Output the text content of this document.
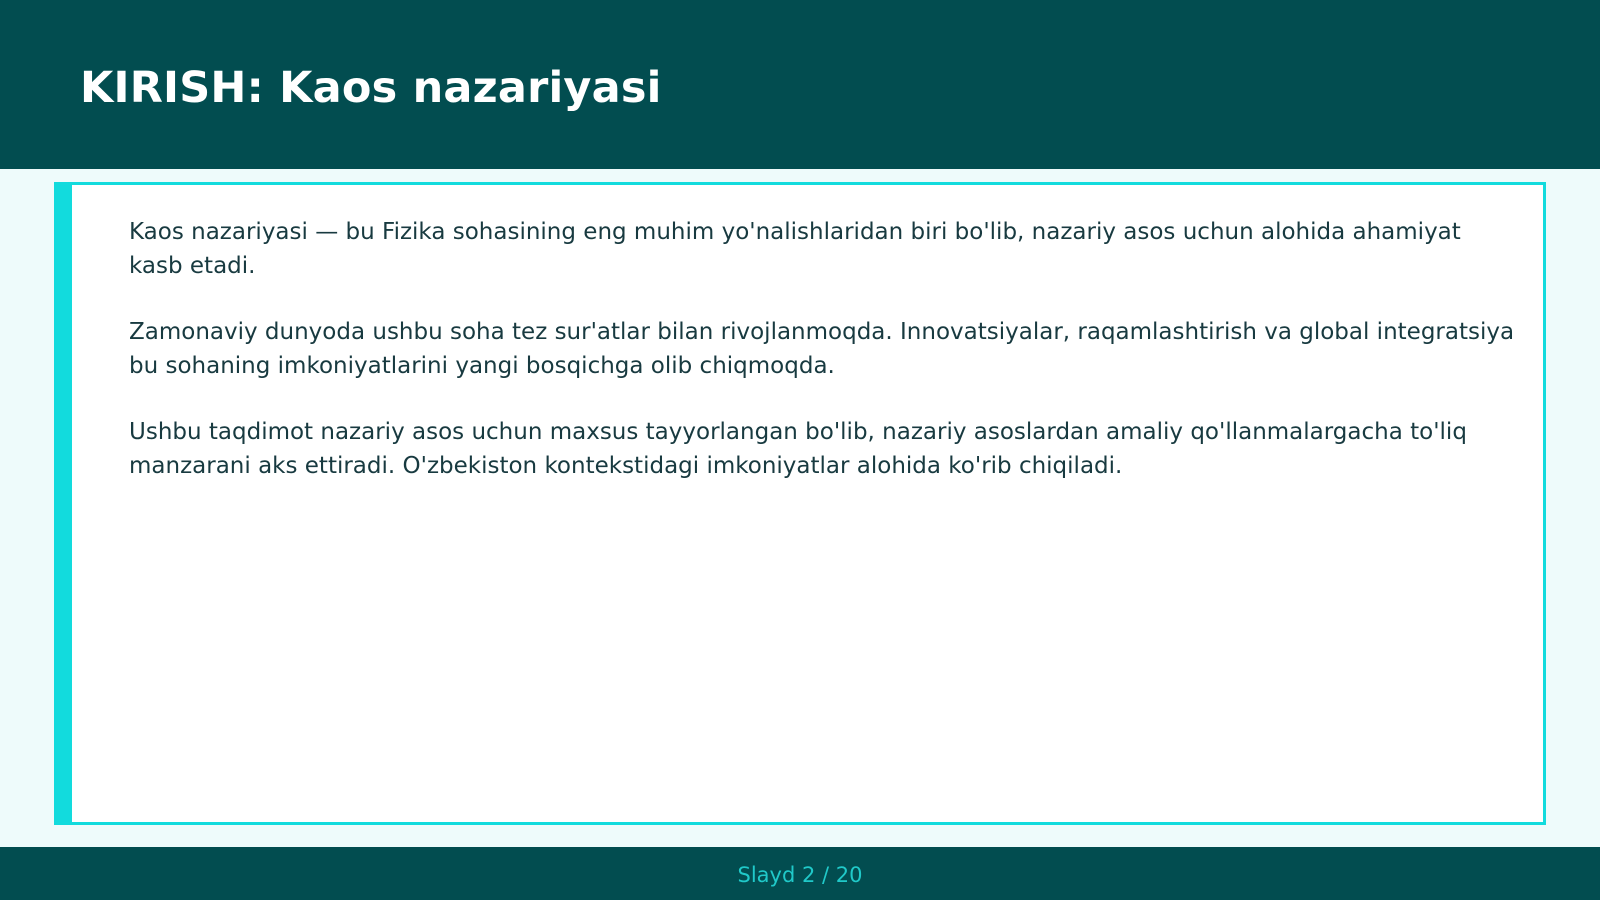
KIRISH: Kaos nazariyasi

Kaos nazariyasi — bu Fizika sohasining eng muhim yo'nalishlaridan biri bo'lib, nazariy asos uchun alohida ahamiyat kasb etadi.

Zamonaviy dunyoda ushbu soha tez sur'atlar bilan rivojlanmoqda. Innovatsiyalar, raqamlashtirish va global integratsiya bu sohaning imkoniyatlarini yangi bosqichga olib chiqmoqda.

Ushbu taqdimot nazariy asos uchun maxsus tayyorlangan bo'lib, nazariy asoslardan amaliy qo'llanmalargacha to'liq manzarani aks ettiradi. O'zbekiston kontekstidagi imkoniyatlar alohida ko'rib chiqiladi.

Slayd 2 / 20
